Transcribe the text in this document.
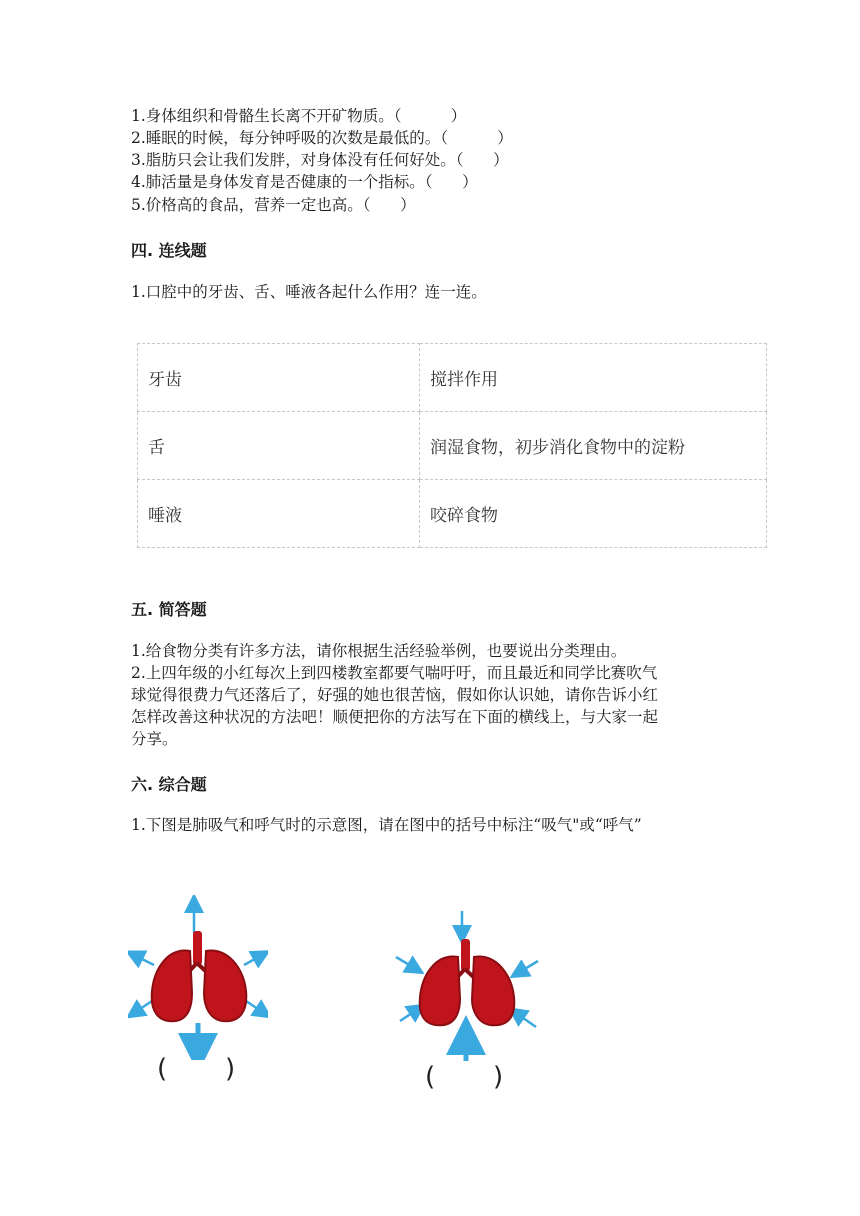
1.身体组织和骨骼生长离不开矿物质。（          ）
2.睡眠的时候，每分钟呼吸的次数是最低的。（          ）
3.脂肪只会让我们发胖，对身体没有任何好处。（      ）
4.肺活量是身体发育是否健康的一个指标。（      ）
5.价格高的食品，营养一定也高。（      ）
四. 连线题
1.口腔中的牙齿、舌、唾液各起什么作用？连一连。
牙齿	搅拌作用
舌	润湿食物，初步消化食物中的淀粉
唾液	咬碎食物
五. 简答题
1.给食物分类有许多方法，请你根据生活经验举例，也要说出分类理由。
2.上四年级的小红每次上到四楼教室都要气喘吁吁，而且最近和同学比赛吹气
球觉得很费力气还落后了，好强的她也很苦恼，假如你认识她，请你告诉小红
怎样改善这种状况的方法吧！顺便把你的方法写在下面的横线上，与大家一起
分享。
六. 综合题
1.下图是肺吸气和呼气时的示意图，请在图中的括号中标注“吸气"或“呼气”
(       )	(       )
